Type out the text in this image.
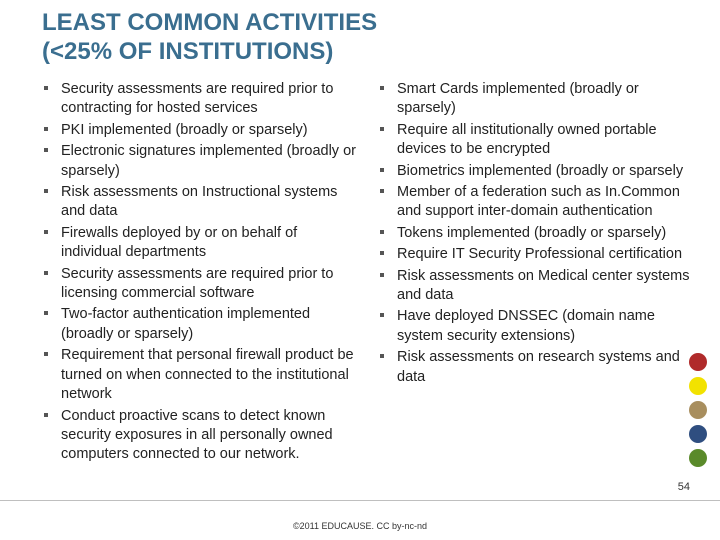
LEAST COMMON ACTIVITIES
(<25% OF INSTITUTIONS)
Security assessments are required prior to contracting for hosted services
PKI implemented (broadly or sparsely)
Electronic signatures implemented (broadly or sparsely)
Risk assessments on Instructional systems and data
Firewalls deployed by or on behalf of individual departments
Security assessments are required prior to licensing commercial software
Two-factor authentication implemented (broadly or sparsely)
Requirement that personal firewall product be turned on when connected to the institutional network
Conduct proactive scans to detect known security exposures in all personally owned computers connected to our network.
Smart Cards implemented (broadly or sparsely)
Require all institutionally owned portable devices to be encrypted
Biometrics implemented (broadly or sparsely
Member of a federation such as In.Common and support inter-domain authentication
Tokens implemented (broadly or sparsely)
Require IT Security Professional certification
Risk assessments on Medical center systems and data
Have deployed DNSSEC (domain name system security extensions)
Risk assessments on research systems and data
54
©2011 EDUCAUSE. CC by-nc-nd
